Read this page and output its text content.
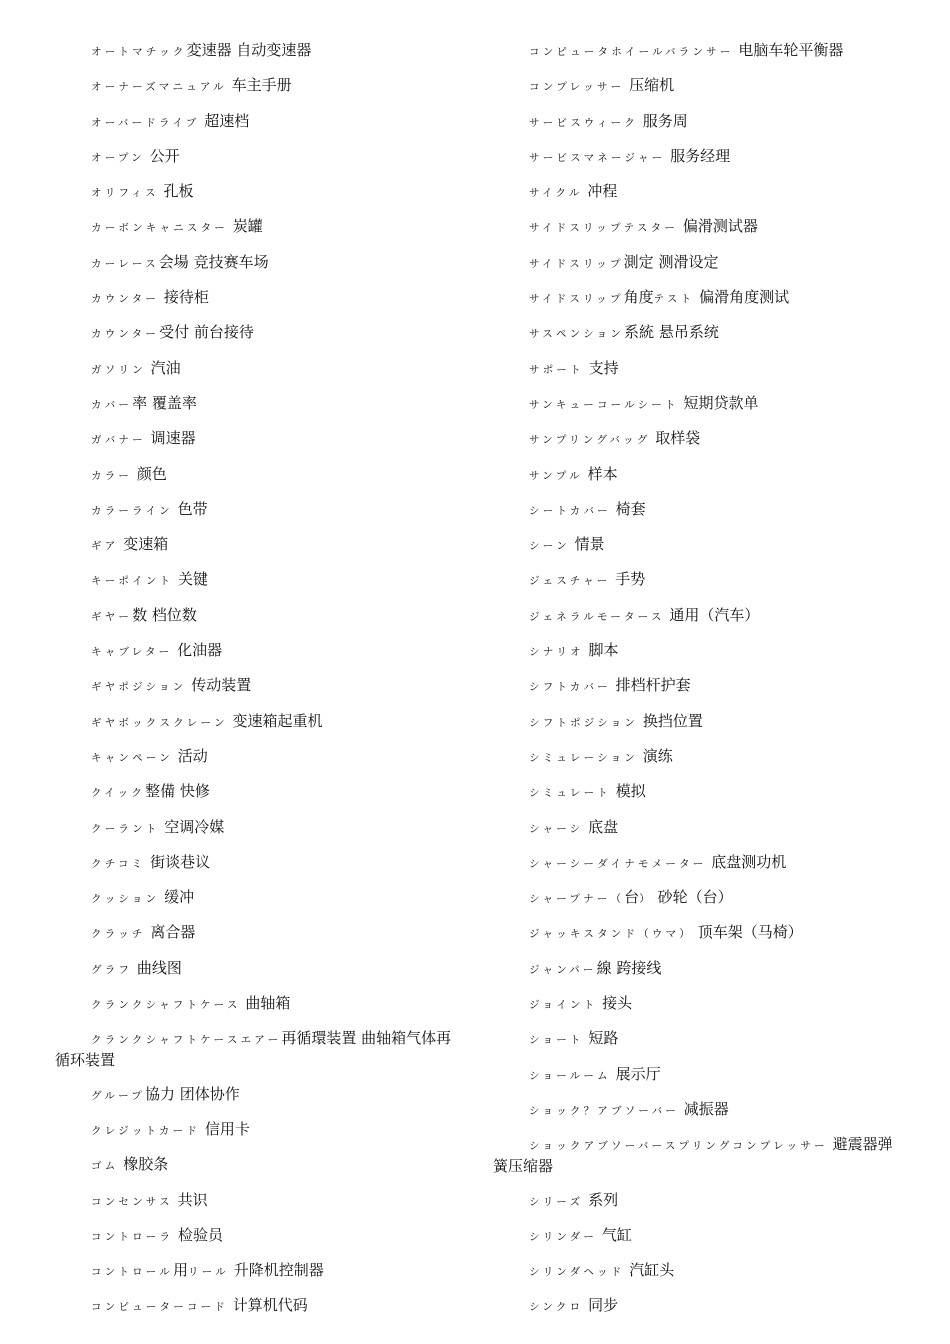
オートマチック変速器 自动变速器
オーナーズマニュアル 车主手册
オーバードライブ 超速档
オープン 公开
オリフィス 孔板
カーボンキャニスター 炭罐
カーレース会場 竞技赛车场
カウンター 接待柜
カウンター受付 前台接待
ガソリン 汽油
カバー率 覆盖率
ガバナー 调速器
カラー 颜色
カラーライン 色带
ギア 变速箱
キーポイント 关键
ギヤー数 档位数
キャブレター 化油器
ギヤポジション 传动装置
ギヤボックスクレーン 变速箱起重机
キャンペーン 活动
クイック整備 快修
クーラント 空调冷媒
クチコミ 街谈巷议
クッション 缓冲
クラッチ 离合器
グラフ 曲线图
クランクシャフトケース 曲轴箱
クランクシャフトケースエアー再循環装置 曲轴箱气体再循环装置
グループ協力 团体协作
クレジットカード 信用卡
ゴム 橡胶条
コンセンサス 共识
コントローラ 检验员
コントロール用リール 升降机控制器
コンピューターコード 计算机代码
コンピュータホイールバランサー 电脑车轮平衡器
コンプレッサー 压缩机
サービスウィーク 服务周
サービスマネージャー 服务经理
サイクル 冲程
サイドスリップテスター 偏滑测试器
サイドスリップ測定 测滑设定
サイドスリップ角度テスト 偏滑角度测试
サスペンション系統 悬吊系统
サポート 支持
サンキューコールシート 短期贷款单
サンプリングバッグ 取样袋
サンプル 样本
シートカバー 椅套
シーン 情景
ジェスチャー 手势
ジェネラルモータース 通用（汽车）
シナリオ 脚本
シフトカバー 排档杆护套
シフトポジション 换挡位置
シミュレーション 演练
シミュレート 模拟
シャーシ 底盘
シャーシーダイナモメーター 底盘测功机
シャープナー（台） 砂轮（台）
ジャッキスタンド（ウマ） 顶车架（马椅）
ジャンパー線 跨接线
ジョイント 接头
ショート 短路
ショールーム 展示厅
ショック？アブソーバー 减振器
ショックアブソーバースプリングコンプレッサー 避震器弹簧压缩器
シリーズ 系列
シリンダー 气缸
シリンダヘッド 汽缸头
シンクロ 同步
